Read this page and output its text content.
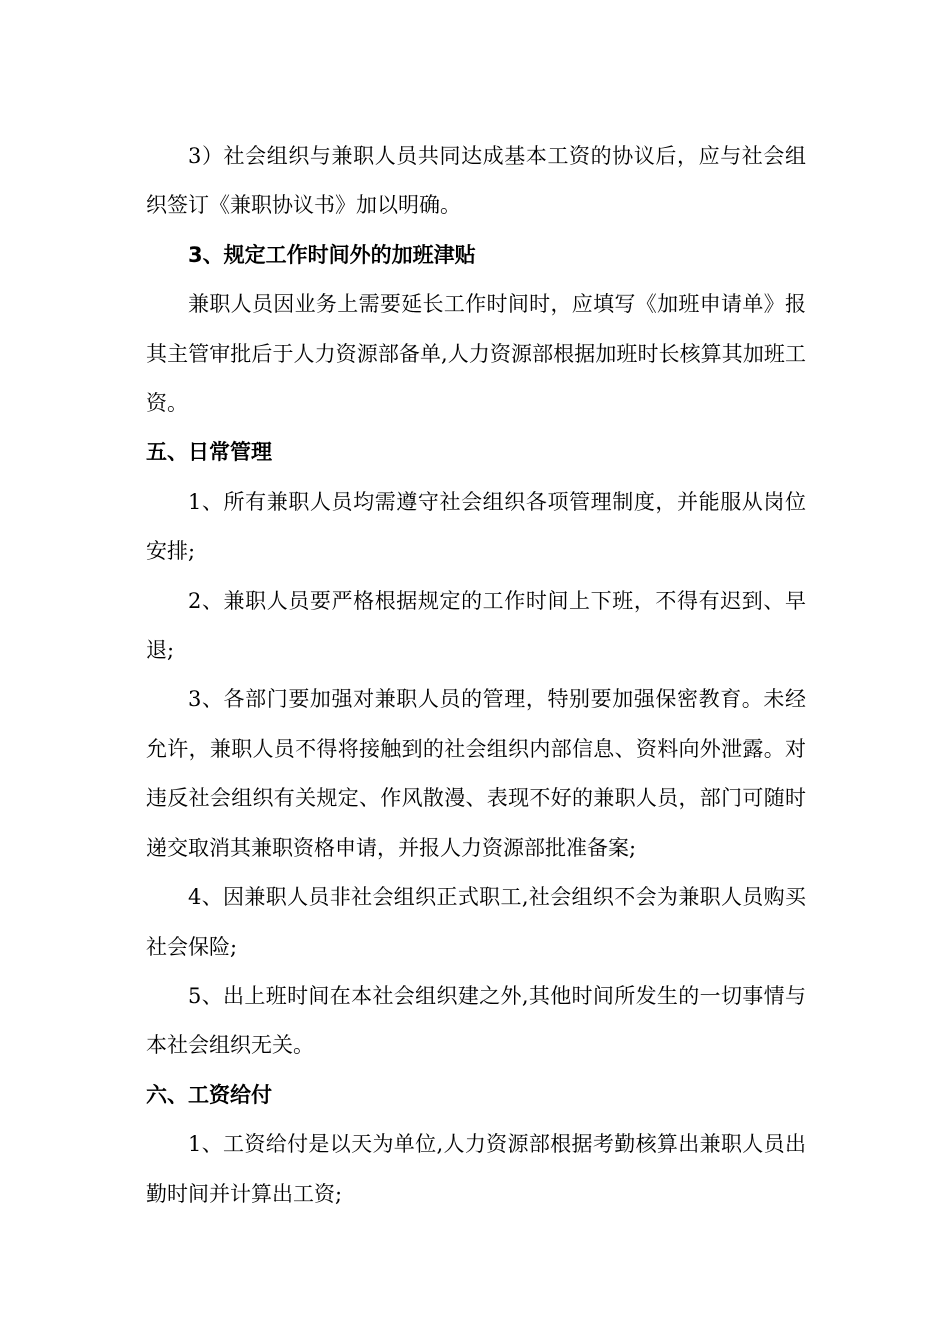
3）社会组织与兼职人员共同达成基本工资的协议后，应与社会组织签订《兼职协议书》加以明确。

3、规定工作时间外的加班津贴

兼职人员因业务上需要延长工作时间时，应填写《加班申请单》报其主管审批后于人力资源部备单,人力资源部根据加班时长核算其加班工资。

五、日常管理

1、所有兼职人员均需遵守社会组织各项管理制度，并能服从岗位安排;

2、兼职人员要严格根据规定的工作时间上下班，不得有迟到、早退;

3、各部门要加强对兼职人员的管理，特别要加强保密教育。未经允许，兼职人员不得将接触到的社会组织内部信息、资料向外泄露。对违反社会组织有关规定、作风散漫、表现不好的兼职人员，部门可随时递交取消其兼职资格申请，并报人力资源部批准备案;

4、因兼职人员非社会组织正式职工,社会组织不会为兼职人员购买社会保险;

5、出上班时间在本社会组织建之外,其他时间所发生的一切事情与本社会组织无关。

六、工资给付

1、工资给付是以天为单位,人力资源部根据考勤核算出兼职人员出勤时间并计算出工资;
